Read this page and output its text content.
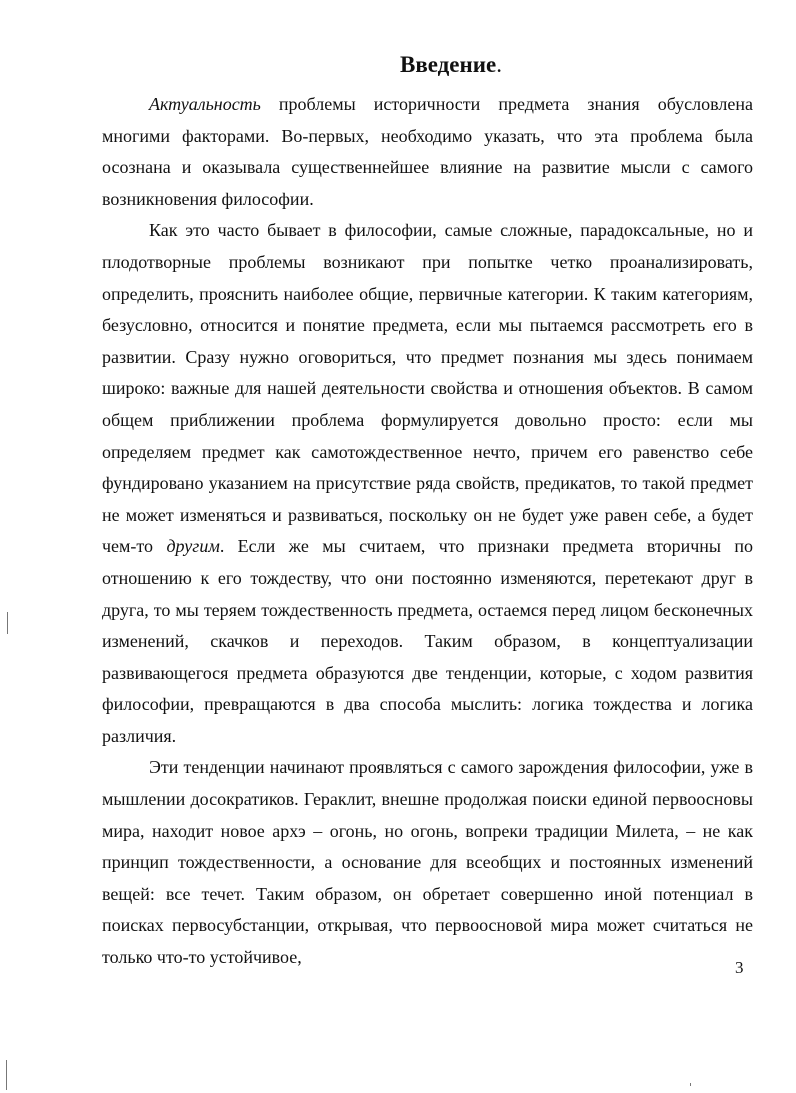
Введение.

Актуальность проблемы историчности предмета знания обусловлена многими факторами. Во-первых, необходимо указать, что эта проблема была осознана и оказывала существеннейшее влияние на развитие мысли с самого возникновения философии.

Как это часто бывает в философии, самые сложные, парадоксальные, но и плодотворные проблемы возникают при попытке четко проанализировать, определить, прояснить наиболее общие, первичные категории. К таким категориям, безусловно, относится и понятие предмета, если мы пытаемся рассмотреть его в развитии. Сразу нужно оговориться, что предмет познания мы здесь понимаем широко: важные для нашей деятельности свойства и отношения объектов. В самом общем приближении проблема формулируется довольно просто: если мы определяем предмет как самотождественное нечто, причем его равенство себе фундировано указанием на присутствие ряда свойств, предикатов, то такой предмет не может изменяться и развиваться, поскольку он не будет уже равен себе, а будет чем-то другим. Если же мы считаем, что признаки предмета вторичны по отношению к его тождеству, что они постоянно изменяются, перетекают друг в друга, то мы теряем тождественность предмета, остаемся перед лицом бесконечных изменений, скачков и переходов. Таким образом, в концептуализации развивающегося предмета образуются две тенденции, которые, с ходом развития философии, превращаются в два способа мыслить: логика тождества и логика различия.

Эти тенденции начинают проявляться с самого зарождения философии, уже в мышлении досократиков. Гераклит, внешне продолжая поиски единой первоосновы мира, находит новое архэ – огонь, но огонь, вопреки традиции Милета, – не как принцип тождественности, а основание для всеобщих и постоянных изменений вещей: все течет. Таким образом, он обретает совершенно иной потенциал в поисках первосубстанции, открывая, что первоосновой мира может считаться не только что-то устойчивое,

3
